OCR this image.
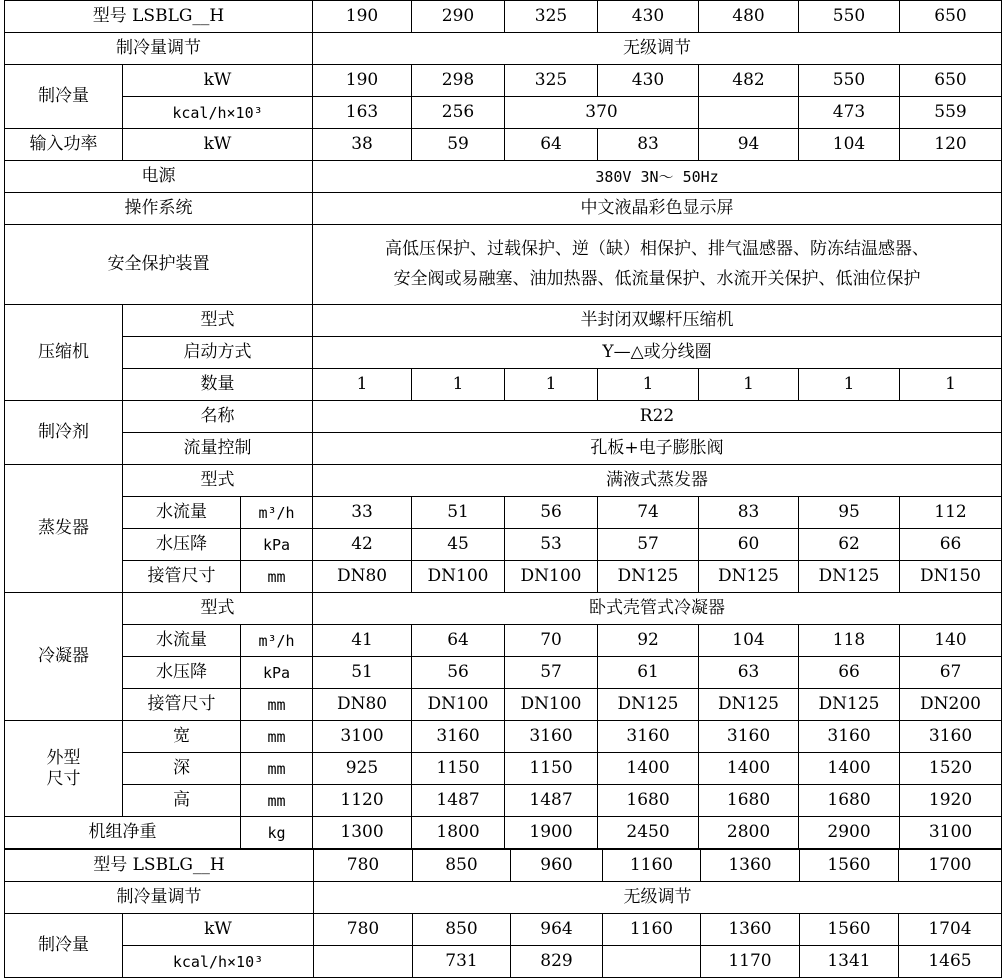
型号 LSBLG__H			190	290	325	430	480	550	650
制冷量调节			无级调节						
制冷量	kW		190	298	325	430	482	550	650
	kcal/h×10³		163	256	370			473	559
输入功率	kW		38	59	64	83	94	104	120
电源			380V 3N～ 50Hz						
操作系统			中文液晶彩色显示屏						
安全保护装置			高低压保护、过载保护、逆（缺）相保护、排气温感器、防冻结温感器、
安全阀或易融塞、油加热器、低流量保护、水流开关保护、低油位保护						

压缩机	型式		半封闭双螺杆压缩机						
	启动方式		Y—△或分线圈						
	数量		1	1	1	1	1	1	1
制冷剂	名称		R22						
	流量控制		孔板+电子膨胀阀						
蒸发器	型式		满液式蒸发器						
	水流量	m³/h	33	51	56	74	83	95	112
	水压降	kPa	42	45	53	57	60	62	66
	接管尺寸	mm	DN80	DN100	DN100	DN125	DN125	DN125	DN150
冷凝器	型式		卧式壳管式冷凝器						
	水流量	m³/h	41	64	70	92	104	118	140
	水压降	kPa	51	56	57	61	63	66	67
	接管尺寸	mm	DN80	DN100	DN100	DN125	DN125	DN125	DN200

外型
尺寸	宽	mm	3100	3160	3160	3160	3160	3160	3160
	深	mm	925	1150	1150	1400	1400	1400	1520
	高	mm	1120	1487	1487	1680	1680	1680	1920
机组净重		kg	1300	1800	1900	2450	2800	2900	3100
型号 LSBLG__H		780	850	960	1160	1360	1560	1700
制冷量调节		无级调节						
制冷量	kW	780	850	964	1160	1360	1560	1704
	kcal/h×10³		731	829		1170	1341	1465
